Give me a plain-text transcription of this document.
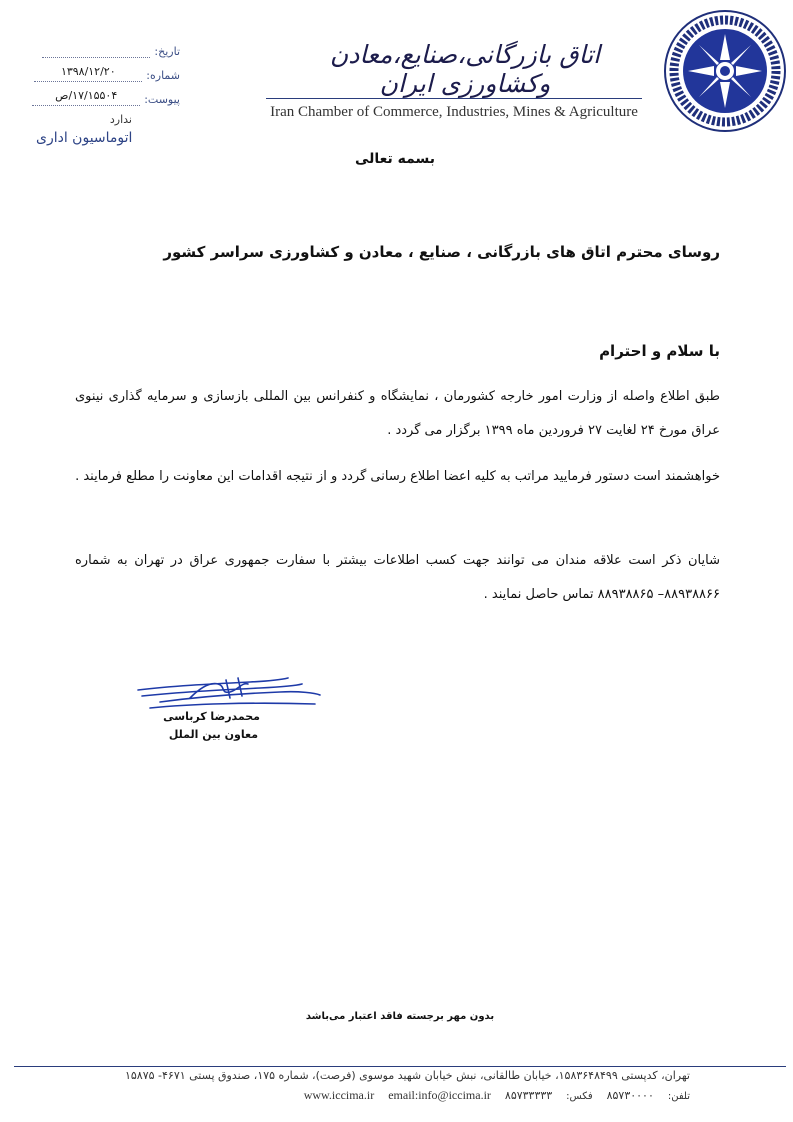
اتاق بازرگانی،صنایع،معادن وکشاورزی ایران
Iran Chamber of Commerce, Industries, Mines & Agriculture
تاریخ:
شماره:
۱۳۹۸/۱۲/۲۰
پیوست:
۱۷/۱۵۵۰۴/ص
ندارد
اتوماسیون اداری
بسمه تعالی
روسای محترم اتاق های بازرگانی ، صنایع ، معادن و کشاورزی سراسر کشور
با سلام و احترام
طبق اطلاع واصله از وزارت امور خارجه کشورمان ، نمایشگاه و کنفرانس بین المللی بازسازی و سرمایه گذاری نینوی عراق مورخ ۲۴ لغایت ۲۷ فروردین ماه ۱۳۹۹ برگزار می گردد .
خواهشمند است دستور فرمایید مراتب به کلیه اعضا اطلاع رسانی گردد و از نتیجه اقدامات این معاونت را مطلع فرمایند .
شایان ذکر است علاقه مندان می توانند جهت کسب اطلاعات بیشتر با سفارت جمهوری عراق در تهران به شماره ۸۸۹۳۸۸۶۶– ۸۸۹۳۸۸۶۵ تماس حاصل نمایند .
محمدرضا کرباسی
معاون بین الملل
بدون مهر برجسته فاقد اعتبار می‌باشد
تهران، کدپستی ۱۵۸۳۶۴۸۴۹۹، خیابان طالقانی، نبش خیابان شهید موسوی (فرصت)، شماره ۱۷۵، صندوق پستی ۴۶۷۱- ۱۵۸۷۵
تلفن:
۸۵۷۳۰۰۰۰
فکس:
۸۵۷۳۳۳۳۳
email:info@iccima.ir
www.iccima.ir
